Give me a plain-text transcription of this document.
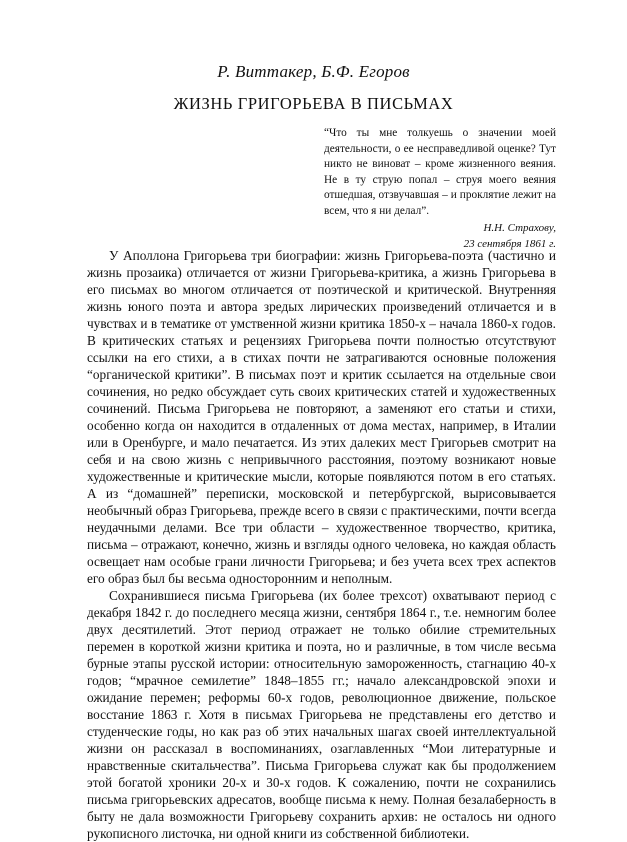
Р. Виттакер, Б.Ф. Егоров
ЖИЗНЬ ГРИГОРЬЕВА В ПИСЬМАХ

“Что ты мне толкуешь о значении моей деятельности, о ее несправедливой оценке? Тут никто не виноват – кроме жизненного веяния. Не в ту струю попал – струя моего веяния отшедшая, отзвучавшая – и проклятие лежит на всем, что я ни делал”.

Н.Н. Страхову,
23 сентября 1861 г.

У Аполлона Григорьева три биографии: жизнь Григорьева-поэта (частично и жизнь прозаика) отличается от жизни Григорьева-критика, а жизнь Григорьева в его письмах во многом отличается от поэтической и критической. Внутренняя жизнь юного поэта и автора зредых лирических произведений отличается и в чувствах и в тематике от умственной жизни критика 1850-х – начала 1860-х годов. В критических статьях и рецензиях Григорьева почти полностью отсутствуют ссылки на его стихи, а в стихах почти не затрагиваются основные положения “органической критики”. В письмах поэт и критик ссылается на отдельные свои сочинения, но редко обсуждает суть своих критических статей и художественных сочинений. Письма Григорьева не повторяют, а заменяют его статьи и стихи, особенно когда он находится в отдаленных от дома местах, например, в Италии или в Оренбурге, и мало печатается. Из этих далеких мест Григорьев смотрит на себя и на свою жизнь с непривычного расстояния, поэтому возникают новые художественные и критические мысли, которые появляются потом в его статьях. А из “домашней” переписки, московской и петербургской, вырисовывается необычный образ Григорьева, прежде всего в связи с практическими, почти всегда неудачными делами. Все три области – художественное творчество, критика, письма – отражают, конечно, жизнь и взгляды одного человека, но каждая область освещает нам особые грани личности Григорьева; и без учета всех трех аспектов его образ был бы весьма односторонним и неполным.

Сохранившиеся письма Григорьева (их более трехсот) охватывают период с декабря 1842 г. до последнего месяца жизни, сентября 1864 г., т.е. немногим более двух десятилетий. Этот период отражает не только обилие стремительных перемен в короткой жизни критика и поэта, но и различные, в том числе весьма бурные этапы русской истории: относительную замороженность, стагнацию 40-х годов; “мрачное семилетие” 1848–1855 гг.; начало александровской эпохи и ожидание перемен; реформы 60-х годов, революционное движение, польское восстание 1863 г. Хотя в письмах Григорьева не представлены его детство и студенческие годы, но как раз об этих начальных шагах своей интеллектуальной жизни он рассказал в воспоминаниях, озаглавленных “Мои литературные и нравственные скитальчества”. Письма Григорьева служат как бы продолжением этой богатой хроники 20-х и 30-х годов. К сожалению, почти не сохранились письма григорьевских адресатов, вообще письма к нему. Полная безалаберность в быту не дала возможности Григорьеву сохранить архив: не осталось ни одного рукописного листочка, ни одной книги из собственной библиотеки.
